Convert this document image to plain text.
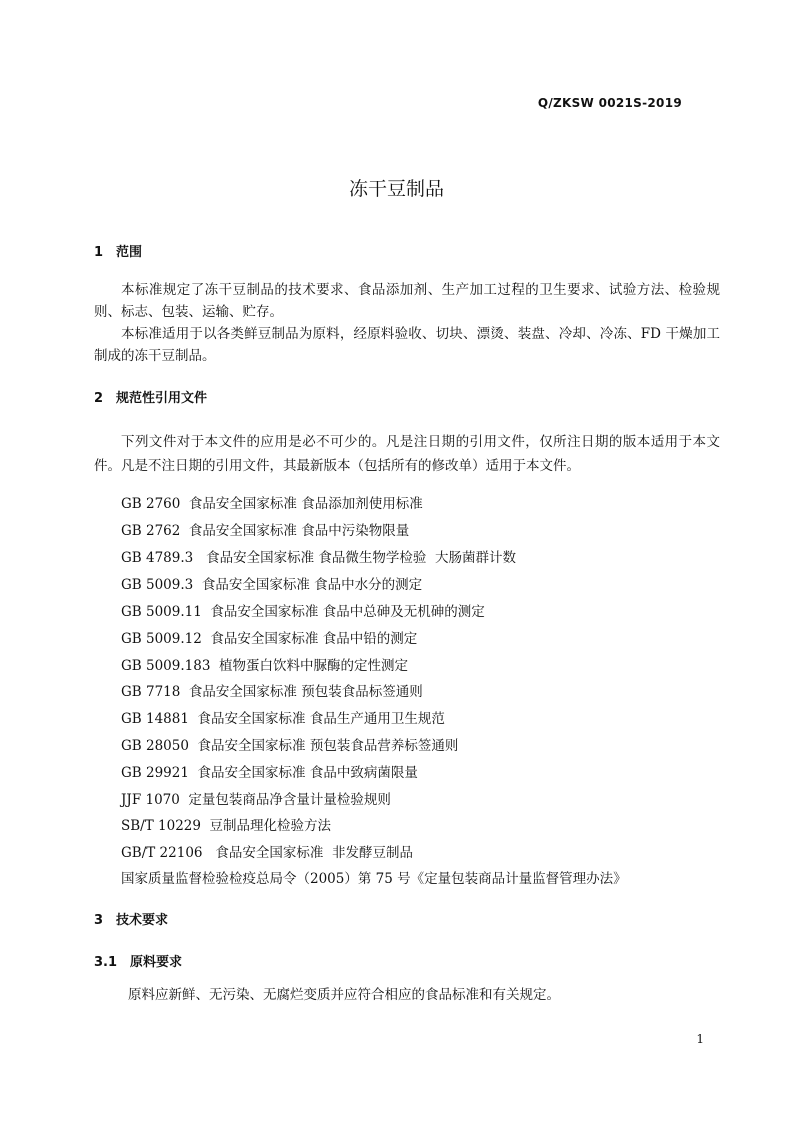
Q/ZKSW 0021S-2019
冻干豆制品
1 范围
本标准规定了冻干豆制品的技术要求、食品添加剂、生产加工过程的卫生要求、试验方法、检验规则、标志、包装、运输、贮存。
本标准适用于以各类鲜豆制品为原料，经原料验收、切块、漂烫、装盘、冷却、冷冻、FD 干燥加工制成的冻干豆制品。
2 规范性引用文件
下列文件对于本文件的应用是必不可少的。凡是注日期的引用文件，仅所注日期的版本适用于本文件。凡是不注日期的引用文件，其最新版本（包括所有的修改单）适用于本文件。
GB 2760  食品安全国家标准 食品添加剂使用标准
GB 2762  食品安全国家标准 食品中污染物限量
GB 4789.3   食品安全国家标准 食品微生物学检验  大肠菌群计数
GB 5009.3  食品安全国家标准 食品中水分的测定
GB 5009.11  食品安全国家标准 食品中总砷及无机砷的测定
GB 5009.12  食品安全国家标准 食品中铅的测定
GB 5009.183  植物蛋白饮料中脲酶的定性测定
GB 7718  食品安全国家标准 预包装食品标签通则
GB 14881  食品安全国家标准 食品生产通用卫生规范
GB 28050  食品安全国家标准 预包装食品营养标签通则
GB 29921  食品安全国家标准 食品中致病菌限量
JJF 1070  定量包装商品净含量计量检验规则
SB/T 10229  豆制品理化检验方法
GB/T 22106   食品安全国家标准  非发酵豆制品
国家质量监督检验检疫总局令（2005）第 75 号《定量包装商品计量监督管理办法》
3 技术要求
3.1 原料要求
原料应新鲜、无污染、无腐烂变质并应符合相应的食品标准和有关规定。
1
